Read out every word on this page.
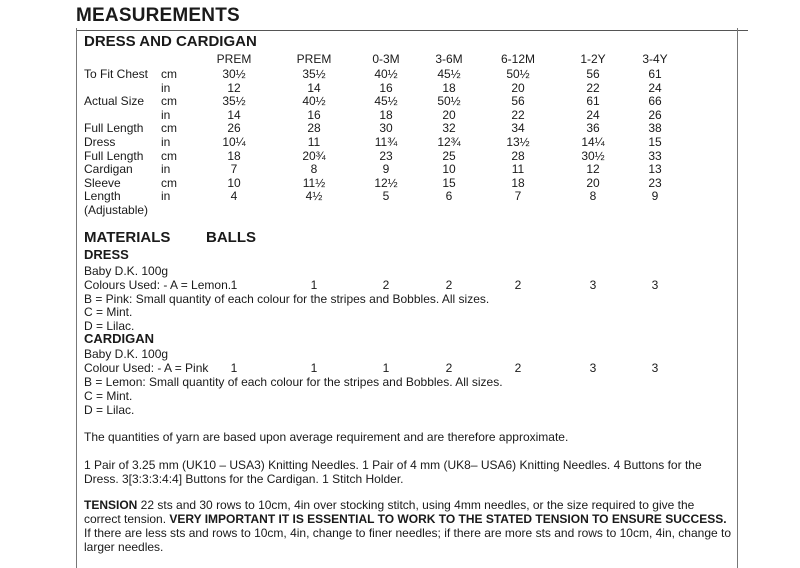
MEASUREMENTS
DRESS AND CARDIGAN
PREM	PREM	0-3M	3-6M	6-12M	1-2Y	3-4Y
To Fit Chest cm	30½	35½	40½	45½	50½	56	61
in	12	14	16	18	20	22	24
Actual Size cm	35½	40½	45½	50½	56	61	66
in	14	16	18	20	22	24	26
Full Length cm	26	28	30	32	34	36	38
Dress	in	10¼	11	11¾	12¾	13½	14¼	15
Full Length cm	18	20¾	23	25	28	30½	33
Cardigan in	7	8	9	10	11	12	13
Sleeve	cm	10	11½	12½	15	18	20	23
Length	in	4	4½	5	6	7	8	9
(Adjustable)
MATERIALS BALLS
DRESS
Baby D.K. 100g
Colours Used: - A = Lemon. 1	1	2	2	2	3	3
B = Pink: Small quantity of each colour for the stripes and Bobbles. All sizes.
C = Mint.
D = Lilac.
CARDIGAN
Baby D.K. 100g
Colour Used: - A = Pink	1	1	1	2	2	3	3
B = Lemon: Small quantity of each colour for the stripes and Bobbles. All sizes.
C = Mint.
D = Lilac.
The quantities of yarn are based upon average requirement and are therefore approximate.
1 Pair of 3.25 mm (UK10 – USA3) Knitting Needles. 1 Pair of 4 mm (UK8– USA6) Knitting Needles. 4 Buttons for the Dress. 3[3:3:3:4:4] Buttons for the Cardigan. 1 Stitch Holder.
TENSION 22 sts and 30 rows to 10cm, 4in over stocking stitch, using 4mm needles, or the size required to give the correct tension. VERY IMPORTANT IT IS ESSENTIAL TO WORK TO THE STATED TENSION TO ENSURE SUCCESS.
If there are less sts and rows to 10cm, 4in, change to finer needles; if there are more sts and rows to 10cm, 4in, change to larger needles.
